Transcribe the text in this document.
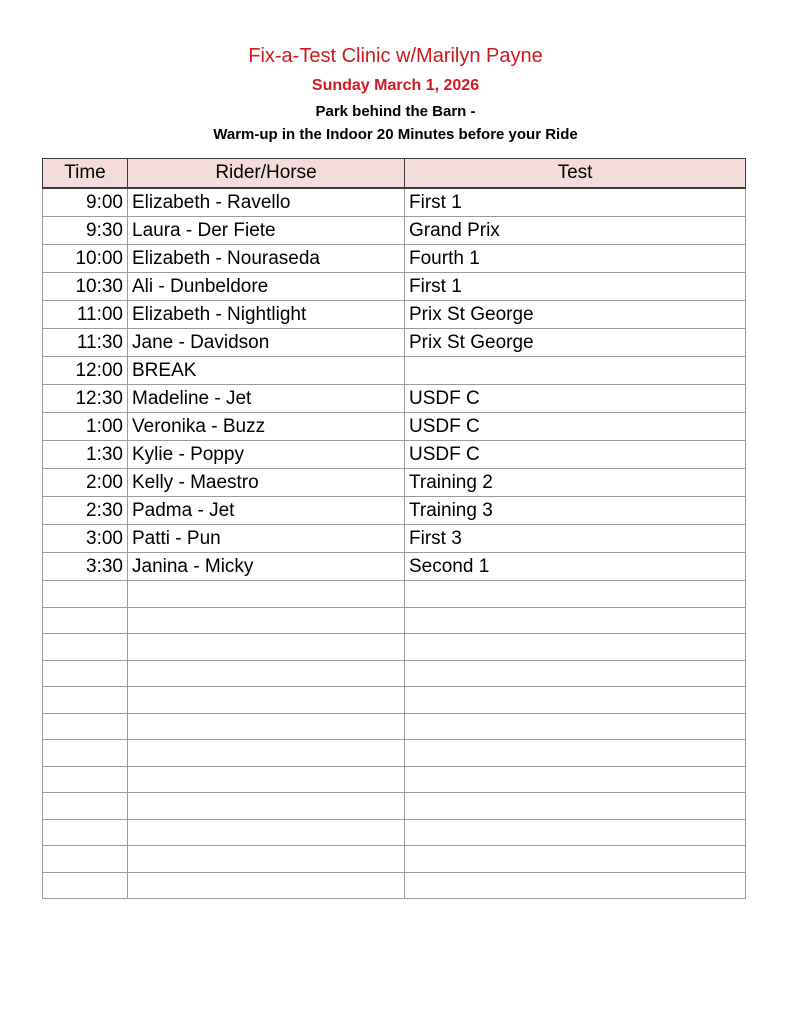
Fix-a-Test Clinic w/Marilyn Payne
Sunday March 1, 2026
Park behind the Barn -
Warm-up in the Indoor 20 Minutes before your Ride
Time	Rider/Horse	Test
9:00	Elizabeth - Ravello	First 1
9:30	Laura - Der Fiete	Grand Prix
10:00	Elizabeth - Nouraseda	Fourth 1
10:30	Ali - Dunbeldore	First 1
11:00	Elizabeth - Nightlight	Prix St George
11:30	Jane - Davidson	Prix St George
12:00	BREAK	
12:30	Madeline - Jet	USDF C
1:00	Veronika - Buzz	USDF C
1:30	Kylie - Poppy	USDF C
2:00	Kelly - Maestro	Training 2
2:30	Padma - Jet	Training 3
3:00	Patti - Pun	First 3
3:30	Janina - Micky	Second 1
